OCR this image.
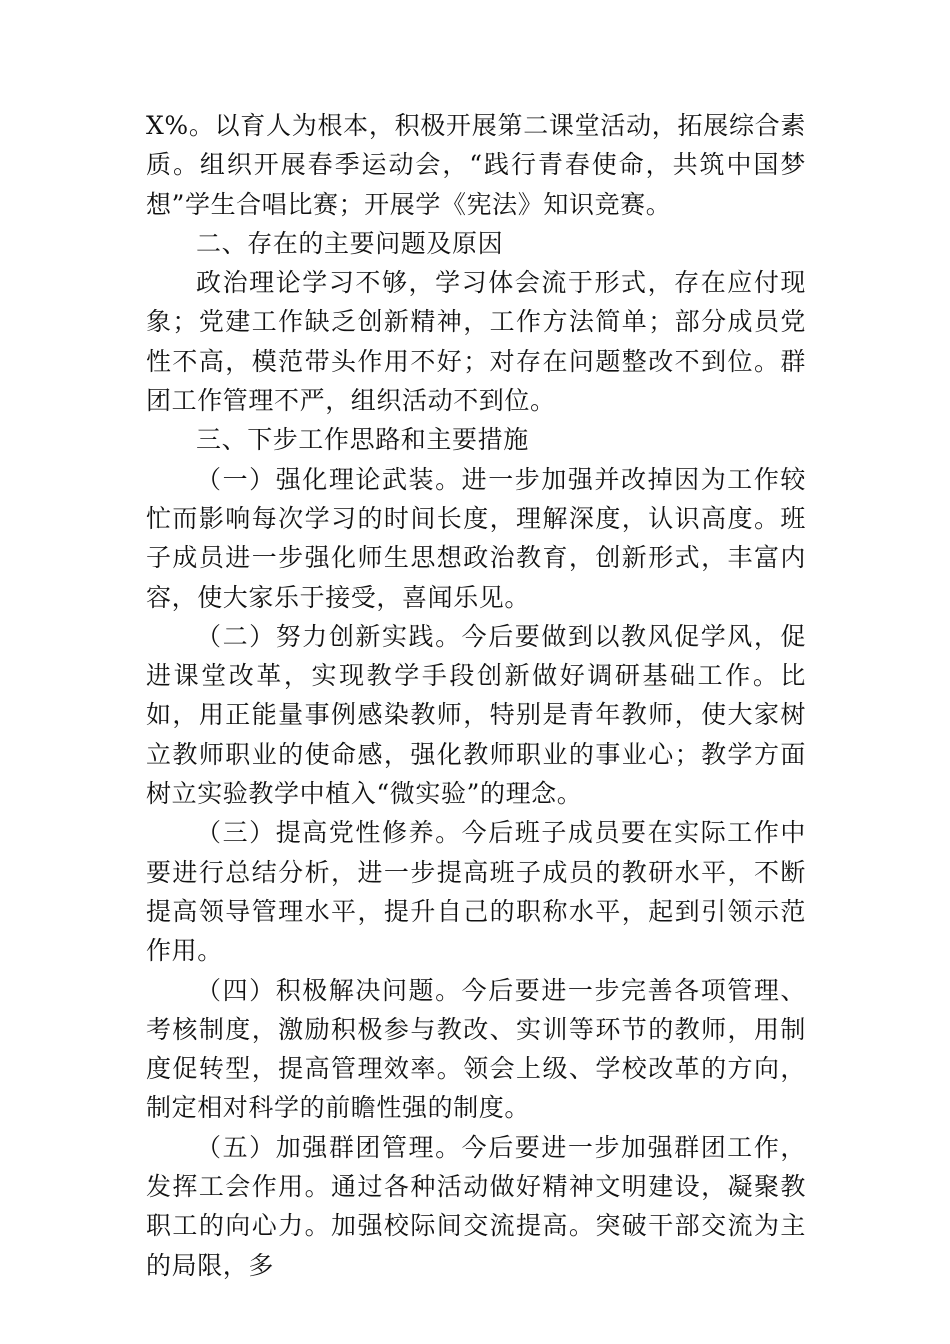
X%。以育人为根本，积极开展第二课堂活动，拓展综合素质。组织开展春季运动会，“践行青春使命，共筑中国梦想”学生合唱比赛；开展学《宪法》知识竞赛。

二、存在的主要问题及原因

政治理论学习不够，学习体会流于形式，存在应付现象；党建工作缺乏创新精神，工作方法简单；部分成员党性不高，模范带头作用不好；对存在问题整改不到位。群团工作管理不严，组织活动不到位。

三、下步工作思路和主要措施

（一）强化理论武装。进一步加强并改掉因为工作较忙而影响每次学习的时间长度，理解深度，认识高度。班子成员进一步强化师生思想政治教育，创新形式，丰富内容，使大家乐于接受，喜闻乐见。

（二）努力创新实践。今后要做到以教风促学风，促进课堂改革，实现教学手段创新做好调研基础工作。比如，用正能量事例感染教师，特别是青年教师，使大家树立教师职业的使命感，强化教师职业的事业心；教学方面树立实验教学中植入“微实验”的理念。

（三）提高党性修养。今后班子成员要在实际工作中要进行总结分析，进一步提高班子成员的教研水平，不断提高领导管理水平，提升自己的职称水平，起到引领示范作用。

（四）积极解决问题。今后要进一步完善各项管理、考核制度，激励积极参与教改、实训等环节的教师，用制度促转型，提高管理效率。领会上级、学校改革的方向，制定相对科学的前瞻性强的制度。

（五）加强群团管理。今后要进一步加强群团工作，发挥工会作用。通过各种活动做好精神文明建设，凝聚教职工的向心力。加强校际间交流提高。突破干部交流为主的局限，多
